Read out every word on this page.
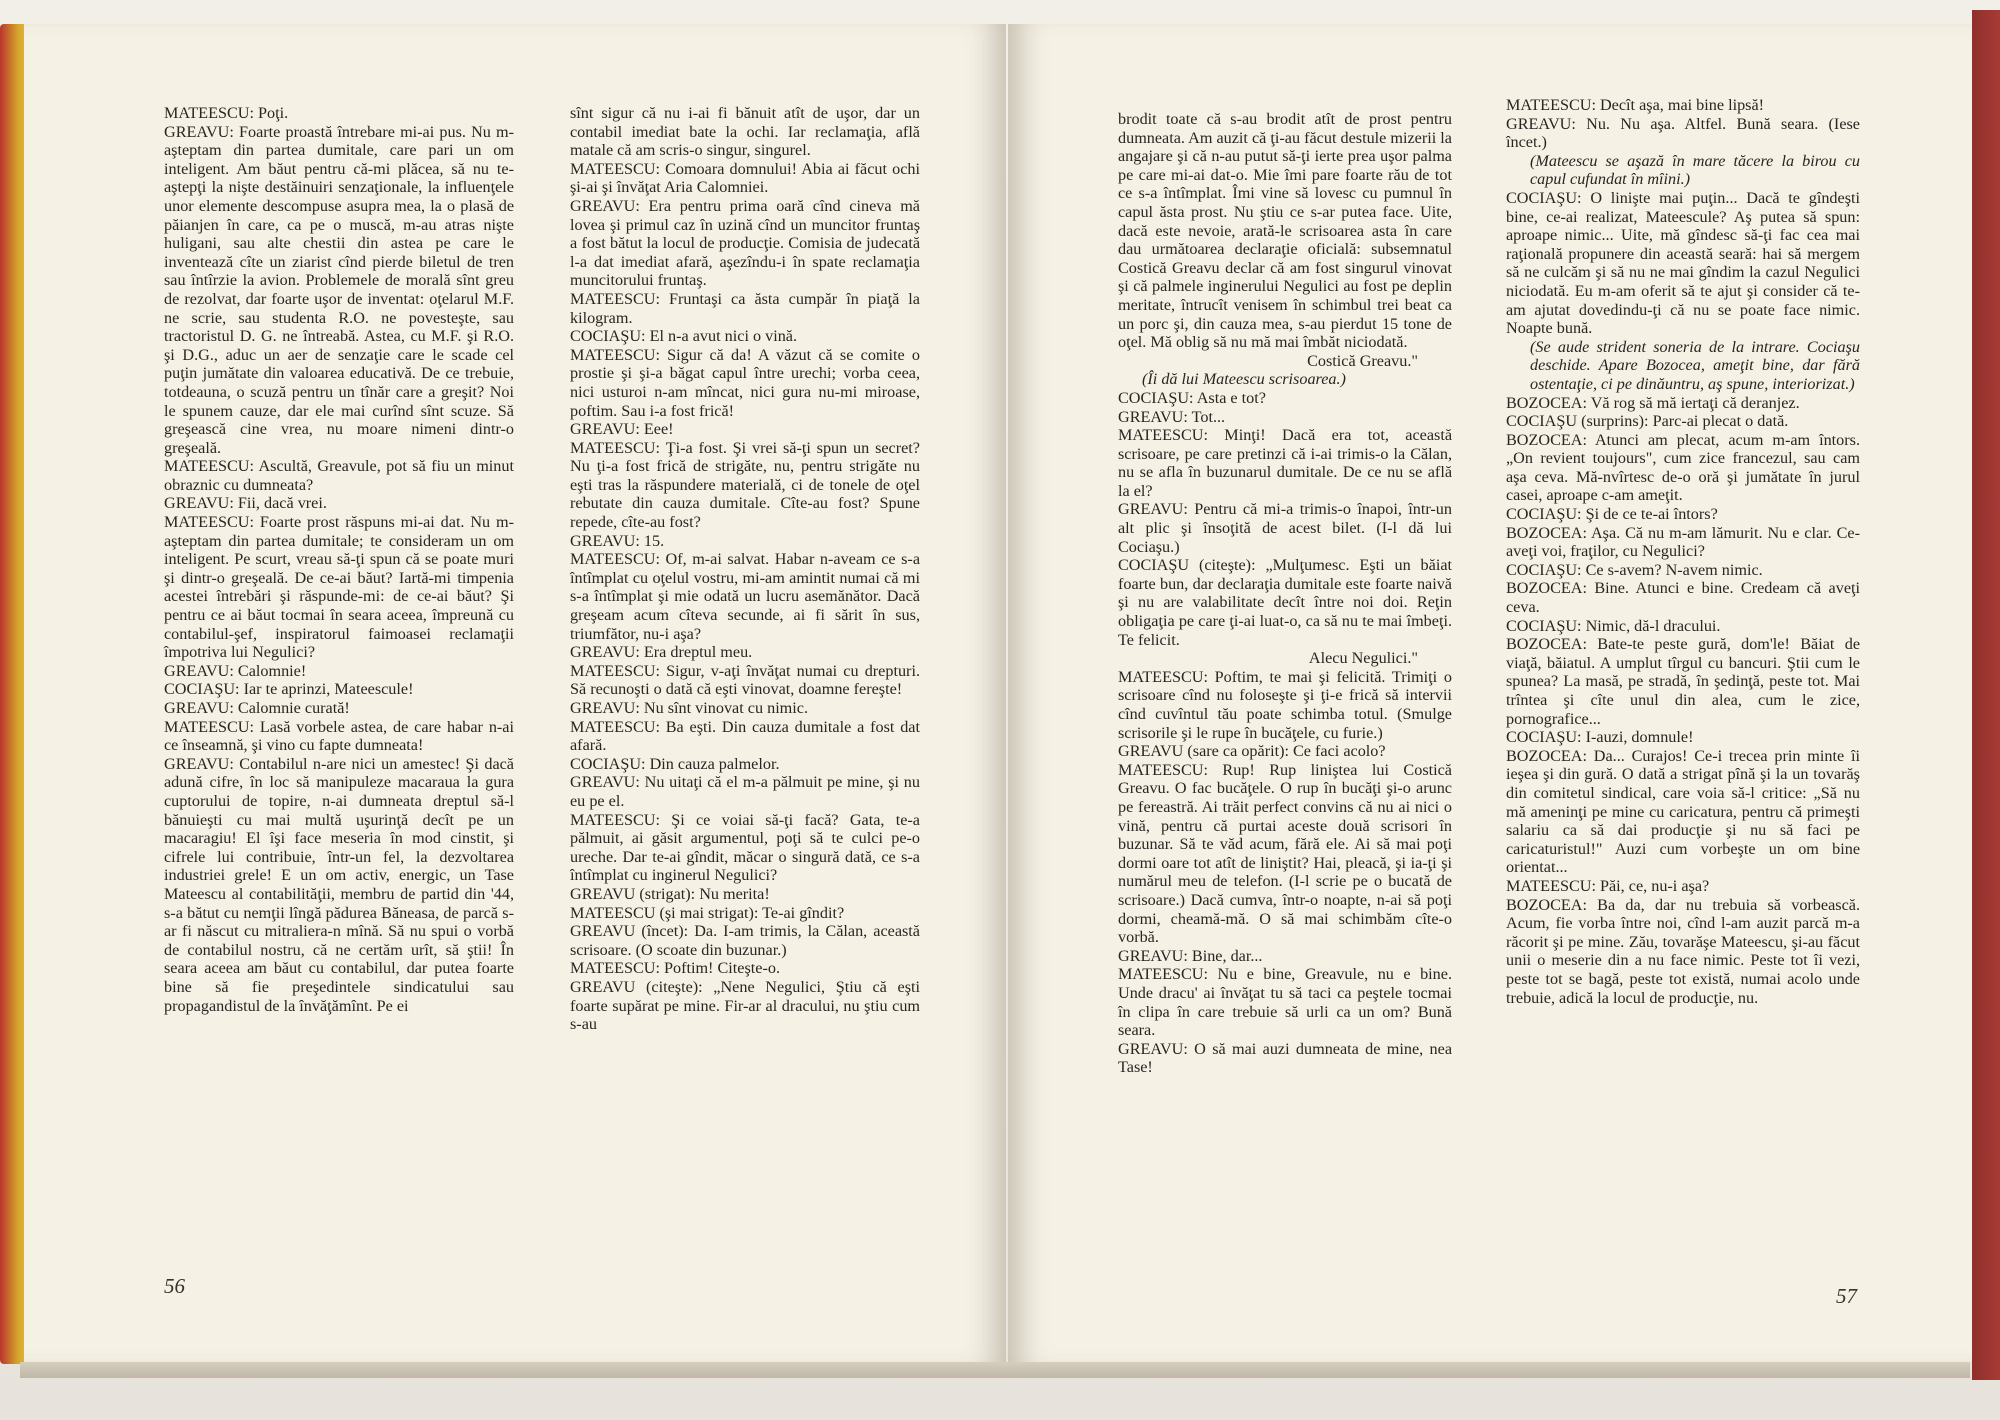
MATEESCU: Poţi.

GREAVU: Foarte proastă întrebare mi-ai pus. Nu m-aşteptam din partea dumitale, care pari un om inteligent. Am băut pentru că-mi plăcea, să nu te-aştepţi la nişte destăinuiri senzaţionale, la influenţele unor elemente descompuse asupra mea, la o plasă de păianjen în care, ca pe o muscă, m-au atras nişte huligani, sau alte chestii din astea pe care le inventează cîte un ziarist cînd pierde biletul de tren sau întîrzie la avion. Problemele de morală sînt greu de rezolvat, dar foarte uşor de inventat: oţelarul M.F. ne scrie, sau studenta R.O. ne povesteşte, sau tractoristul D. G. ne întreabă. Astea, cu M.F. şi R.O. şi D.G., aduc un aer de senzaţie care le scade cel puţin jumătate din valoarea educativă. De ce trebuie, totdeauna, o scuză pentru un tînăr care a greşit? Noi le spunem cauze, dar ele mai curînd sînt scuze. Să greşească cine vrea, nu moare nimeni dintr-o greşeală.

MATEESCU: Ascultă, Greavule, pot să fiu un minut obraznic cu dumneata?

GREAVU: Fii, dacă vrei.

MATEESCU: Foarte prost răspuns mi-ai dat. Nu m-aşteptam din partea dumitale; te consideram un om inteligent. Pe scurt, vreau să-ţi spun că se poate muri şi dintr-o greşeală. De ce-ai băut? Iartă-mi timpenia acestei întrebări şi răspunde-mi: de ce-ai băut? Şi pentru ce ai băut tocmai în seara aceea, împreună cu contabilul-şef, inspiratorul faimoasei reclamaţii împotriva lui Negulici?

GREAVU: Calomnie!

COCIAŞU: Iar te aprinzi, Mateescule!

GREAVU: Calomnie curată!

MATEESCU: Lasă vorbele astea, de care habar n-ai ce înseamnă, şi vino cu fapte dumneata!

GREAVU: Contabilul n-are nici un amestec! Şi dacă adună cifre, în loc să manipuleze macaraua la gura cuptorului de topire, n-ai dumneata dreptul să-l bănuieşti cu mai multă uşurinţă decît pe un macaragiu! El îşi face meseria în mod cinstit, şi cifrele lui contribuie, într-un fel, la dezvoltarea industriei grele! E un om activ, energic, un Tase Mateescu al contabilităţii, membru de partid din '44, s-a bătut cu nemţii lîngă pădurea Băneasa, de parcă s-ar fi născut cu mitraliera-n mînă. Să nu spui o vorbă de contabilul nostru, că ne certăm urît, să ştii! În seara aceea am băut cu contabilul, dar putea foarte bine să fie preşedintele sindicatului sau propagandistul de la învăţămînt. Pe ei

sînt sigur că nu i-ai fi bănuit atît de uşor, dar un contabil imediat bate la ochi. Iar reclamaţia, află matale că am scris-o singur, singurel.

MATEESCU: Comoara domnului! Abia ai făcut ochi şi-ai şi învăţat Aria Calomniei.

GREAVU: Era pentru prima oară cînd cineva mă lovea şi primul caz în uzină cînd un muncitor fruntaş a fost bătut la locul de producţie. Comisia de judecată l-a dat imediat afară, aşezîndu-i în spate reclamaţia muncitorului fruntaş.

MATEESCU: Fruntaşi ca ăsta cumpăr în piaţă la kilogram.

COCIAŞU: El n-a avut nici o vină.

MATEESCU: Sigur că da! A văzut că se comite o prostie şi şi-a băgat capul între urechi; vorba ceea, nici usturoi n-am mîncat, nici gura nu-mi miroase, poftim. Sau i-a fost frică!

GREAVU: Eee!

MATEESCU: Ţi-a fost. Şi vrei să-ţi spun un secret? Nu ţi-a fost frică de strigăte, nu, pentru strigăte nu eşti tras la răspundere materială, ci de tonele de oţel rebutate din cauza dumitale. Cîte-au fost? Spune repede, cîte-au fost?

GREAVU: 15.

MATEESCU: Of, m-ai salvat. Habar n-aveam ce s-a întîmplat cu oţelul vostru, mi-am amintit numai că mi s-a întîmplat şi mie odată un lucru asemănător. Dacă greşeam acum cîteva secunde, ai fi sărit în sus, triumfător, nu-i aşa?

GREAVU: Era dreptul meu.

MATEESCU: Sigur, v-aţi învăţat numai cu drepturi. Să recunoşti o dată că eşti vinovat, doamne fereşte!

GREAVU: Nu sînt vinovat cu nimic.

MATEESCU: Ba eşti. Din cauza dumitale a fost dat afară.

COCIAŞU: Din cauza palmelor.

GREAVU: Nu uitaţi că el m-a pălmuit pe mine, şi nu eu pe el.

MATEESCU: Şi ce voiai să-ţi facă? Gata, te-a pălmuit, ai găsit argumentul, poţi să te culci pe-o ureche. Dar te-ai gîndit, măcar o singură dată, ce s-a întîmplat cu inginerul Negulici?

GREAVU (strigat): Nu merita!

MATEESCU (şi mai strigat): Te-ai gîndit?

GREAVU (încet): Da. I-am trimis, la Călan, această scrisoare. (O scoate din buzunar.)

MATEESCU: Poftim! Citeşte-o.

GREAVU (citeşte): „Nene Negulici, Ştiu că eşti foarte supărat pe mine. Fir-ar al dracului, nu ştiu cum s-au

brodit toate că s-au brodit atît de prost pentru dumneata. Am auzit că ţi-au făcut destule mizerii la angajare şi că n-au putut să-ţi ierte prea uşor palma pe care mi-ai dat-o. Mie îmi pare foarte rău de tot ce s-a întîmplat. Îmi vine să lovesc cu pumnul în capul ăsta prost. Nu ştiu ce s-ar putea face. Uite, dacă este nevoie, arată-le scrisoarea asta în care dau următoarea declaraţie oficială: subsemnatul Costică Greavu declar că am fost singurul vinovat şi că palmele inginerului Negulici au fost pe deplin meritate, întrucît venisem în schimbul trei beat ca un porc şi, din cauza mea, s-au pierdut 15 tone de oţel. Mă oblig să nu mă mai îmbăt niciodată.

Costică Greavu."

(Îi dă lui Mateescu scrisoarea.)

COCIAŞU: Asta e tot?

GREAVU: Tot...

MATEESCU: Minţi! Dacă era tot, această scrisoare, pe care pretinzi că i-ai trimis-o la Călan, nu se afla în buzunarul dumitale. De ce nu se află la el?

GREAVU: Pentru că mi-a trimis-o înapoi, într-un alt plic şi însoţită de acest bilet. (I-l dă lui Cociaşu.)

COCIAŞU (citeşte): „Mulţumesc. Eşti un băiat foarte bun, dar declaraţia dumitale este foarte naivă şi nu are valabilitate decît între noi doi. Reţin obligaţia pe care ţi-ai luat-o, ca să nu te mai îmbeţi. Te felicit.

Alecu Negulici."

MATEESCU: Poftim, te mai şi felicită. Trimiţi o scrisoare cînd nu foloseşte şi ţi-e frică să intervii cînd cuvîntul tău poate schimba totul. (Smulge scrisorile şi le rupe în bucăţele, cu furie.)

GREAVU (sare ca opărit): Ce faci acolo?

MATEESCU: Rup! Rup liniştea lui Costică Greavu. O fac bucăţele. O rup în bucăţi şi-o arunc pe fereastră. Ai trăit perfect convins că nu ai nici o vină, pentru că purtai aceste două scrisori în buzunar. Să te văd acum, fără ele. Ai să mai poţi dormi oare tot atît de liniştit? Hai, pleacă, şi ia-ţi şi numărul meu de telefon. (I-l scrie pe o bucată de scrisoare.) Dacă cumva, într-o noapte, n-ai să poţi dormi, cheamă-mă. O să mai schimbăm cîte-o vorbă.

GREAVU: Bine, dar...

MATEESCU: Nu e bine, Greavule, nu e bine. Unde dracu' ai învăţat tu să taci ca peştele tocmai în clipa în care trebuie să urli ca un om? Bună seara.

GREAVU: O să mai auzi dumneata de mine, nea Tase!

MATEESCU: Decît aşa, mai bine lipsă!

GREAVU: Nu. Nu aşa. Altfel. Bună seara. (Iese încet.)

(Mateescu se aşază în mare tăcere la birou cu capul cufundat în mîini.)

COCIAŞU: O linişte mai puţin... Dacă te gîndeşti bine, ce-ai realizat, Mateescule? Aş putea să spun: aproape nimic... Uite, mă gîndesc să-ţi fac cea mai raţională propunere din această seară: hai să mergem să ne culcăm şi să nu ne mai gîndim la cazul Negulici niciodată. Eu m-am oferit să te ajut şi consider că te-am ajutat dovedindu-ţi că nu se poate face nimic. Noapte bună.

(Se aude strident soneria de la intrare. Cociaşu deschide. Apare Bozocea, ameţit bine, dar fără ostentaţie, ci pe dinăuntru, aş spune, interiorizat.)

BOZOCEA: Vă rog să mă iertaţi că deranjez.

COCIAŞU (surprins): Parc-ai plecat o dată.

BOZOCEA: Atunci am plecat, acum m-am întors. „On revient toujours", cum zice francezul, sau cam aşa ceva. Mă-nvîrtesc de-o oră şi jumătate în jurul casei, aproape c-am ameţit.

COCIAŞU: Şi de ce te-ai întors?

BOZOCEA: Aşa. Că nu m-am lămurit. Nu e clar. Ce-aveţi voi, fraţilor, cu Negulici?

COCIAŞU: Ce s-avem? N-avem nimic.

BOZOCEA: Bine. Atunci e bine. Credeam că aveţi ceva.

COCIAŞU: Nimic, dă-l dracului.

BOZOCEA: Bate-te peste gură, dom'le! Băiat de viaţă, băiatul. A umplut tîrgul cu bancuri. Ştii cum le spunea? La masă, pe stradă, în şedinţă, peste tot. Mai trîntea şi cîte unul din alea, cum le zice, pornografice...

COCIAŞU: I-auzi, domnule!

BOZOCEA: Da... Curajos! Ce-i trecea prin minte îi ieşea şi din gură. O dată a strigat pînă şi la un tovarăş din comitetul sindical, care voia să-l critice: „Să nu mă ameninţi pe mine cu caricatura, pentru că primeşti salariu ca să dai producţie şi nu să faci pe caricaturistul!" Auzi cum vorbeşte un om bine orientat...

MATEESCU: Păi, ce, nu-i aşa?

BOZOCEA: Ba da, dar nu trebuia să vorbească. Acum, fie vorba între noi, cînd l-am auzit parcă m-a răcorit şi pe mine. Zău, tovarăşe Mateescu, şi-au făcut unii o meserie din a nu face nimic. Peste tot îi vezi, peste tot se bagă, peste tot există, numai acolo unde trebuie, adică la locul de producţie, nu.

56	57
